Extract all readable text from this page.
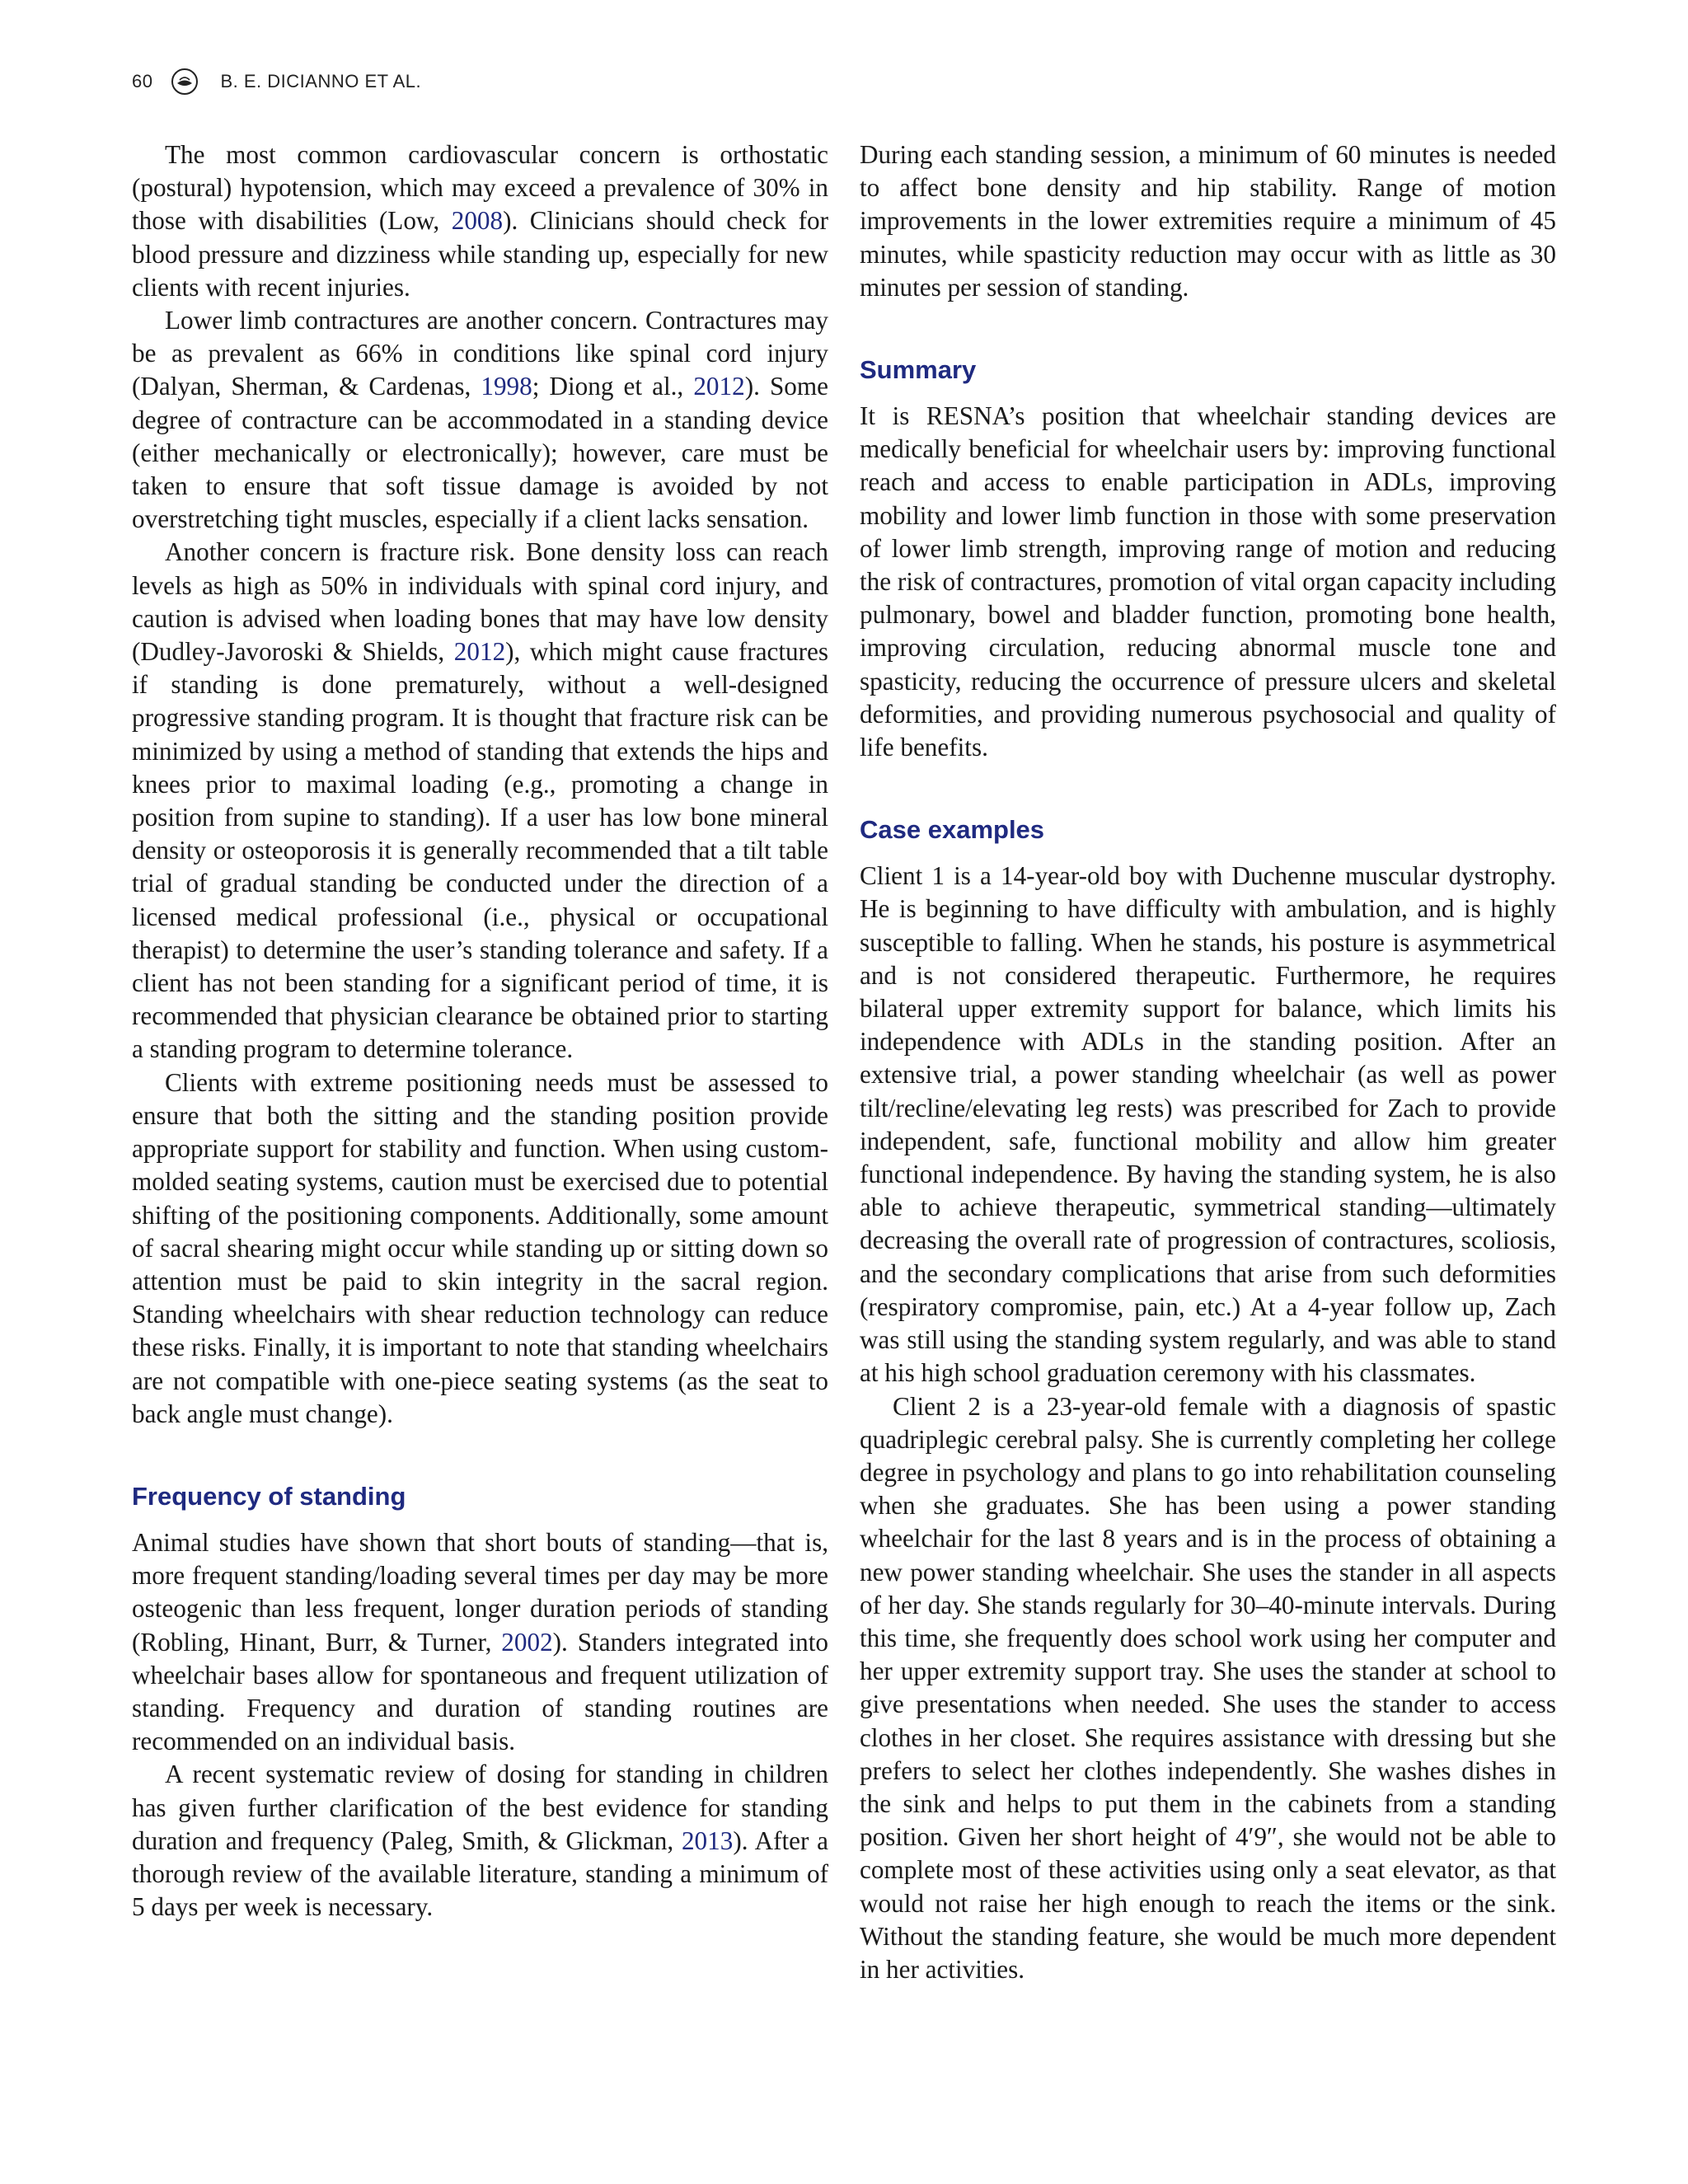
60	B. E. DICIANNO ET AL.

The most common cardiovascular concern is orthostatic (postural) hypotension, which may exceed a prevalence of 30% in those with disabilities (Low, 2008). Clinicians should check for blood pressure and dizziness while standing up, especially for new clients with recent injuries.

Lower limb contractures are another concern. Contractures may be as prevalent as 66% in conditions like spinal cord injury (Dalyan, Sherman, & Cardenas, 1998; Diong et al., 2012). Some degree of contracture can be accommodated in a standing device (either mechanically or electronically); however, care must be taken to ensure that soft tissue damage is avoided by not overstretching tight muscles, especially if a client lacks sensation.

Another concern is fracture risk. Bone density loss can reach levels as high as 50% in individuals with spinal cord injury, and caution is advised when loading bones that may have low density (Dudley-Javoroski & Shields, 2012), which might cause fractures if standing is done prematurely, without a well-designed progressive standing program. It is thought that fracture risk can be minimized by using a method of standing that extends the hips and knees prior to maximal loading (e.g., promoting a change in position from supine to standing). If a user has low bone mineral density or osteoporosis it is generally recommended that a tilt table trial of gradual standing be conducted under the direction of a licensed medical professional (i.e., physical or occupational therapist) to determine the user’s standing tolerance and safety. If a client has not been standing for a significant period of time, it is recommended that physician clearance be obtained prior to starting a standing program to determine tolerance.

Clients with extreme positioning needs must be assessed to ensure that both the sitting and the standing position provide appropriate support for stability and function. When using custom-molded seating systems, caution must be exercised due to potential shifting of the positioning components. Additionally, some amount of sacral shearing might occur while standing up or sitting down so attention must be paid to skin integrity in the sacral region. Standing wheelchairs with shear reduction technology can reduce these risks. Finally, it is important to note that standing wheelchairs are not compatible with one-piece seating systems (as the seat to back angle must change).

Frequency of standing

Animal studies have shown that short bouts of standing—that is, more frequent standing/loading several times per day may be more osteogenic than less frequent, longer duration periods of standing (Robling, Hinant, Burr, & Turner, 2002). Standers integrated into wheelchair bases allow for spontaneous and frequent utilization of standing. Frequency and duration of standing routines are recommended on an individual basis.

A recent systematic review of dosing for standing in children has given further clarification of the best evidence for standing duration and frequency (Paleg, Smith, & Glickman, 2013). After a thorough review of the available literature, standing a minimum of 5 days per week is necessary.

During each standing session, a minimum of 60 minutes is needed to affect bone density and hip stability. Range of motion improvements in the lower extremities require a minimum of 45 minutes, while spasticity reduction may occur with as little as 30 minutes per session of standing.

Summary

It is RESNA’s position that wheelchair standing devices are medically beneficial for wheelchair users by: improving functional reach and access to enable participation in ADLs, improving mobility and lower limb function in those with some preservation of lower limb strength, improving range of motion and reducing the risk of contractures, promotion of vital organ capacity including pulmonary, bowel and bladder function, promoting bone health, improving circulation, reducing abnormal muscle tone and spasticity, reducing the occurrence of pressure ulcers and skeletal deformities, and providing numerous psychosocial and quality of life benefits.

Case examples

Client 1 is a 14-year-old boy with Duchenne muscular dystrophy. He is beginning to have difficulty with ambulation, and is highly susceptible to falling. When he stands, his posture is asymmetrical and is not considered therapeutic. Furthermore, he requires bilateral upper extremity support for balance, which limits his independence with ADLs in the standing position. After an extensive trial, a power standing wheelchair (as well as power tilt/recline/elevating leg rests) was prescribed for Zach to provide independent, safe, functional mobility and allow him greater functional independence. By having the standing system, he is also able to achieve therapeutic, symmetrical standing—ultimately decreasing the overall rate of progression of contractures, scoliosis, and the secondary complications that arise from such deformities (respiratory compromise, pain, etc.) At a 4-year follow up, Zach was still using the standing system regularly, and was able to stand at his high school graduation ceremony with his classmates.

Client 2 is a 23-year-old female with a diagnosis of spastic quadriplegic cerebral palsy. She is currently completing her college degree in psychology and plans to go into rehabilitation counseling when she graduates. She has been using a power standing wheelchair for the last 8 years and is in the process of obtaining a new power standing wheelchair. She uses the stander in all aspects of her day. She stands regularly for 30–40-minute intervals. During this time, she frequently does school work using her computer and her upper extremity support tray. She uses the stander at school to give presentations when needed. She uses the stander to access clothes in her closet. She requires assistance with dressing but she prefers to select her clothes independently. She washes dishes in the sink and helps to put them in the cabinets from a standing position. Given her short height of 4′9″, she would not be able to complete most of these activities using only a seat elevator, as that would not raise her high enough to reach the items or the sink. Without the standing feature, she would be much more dependent in her activities.
